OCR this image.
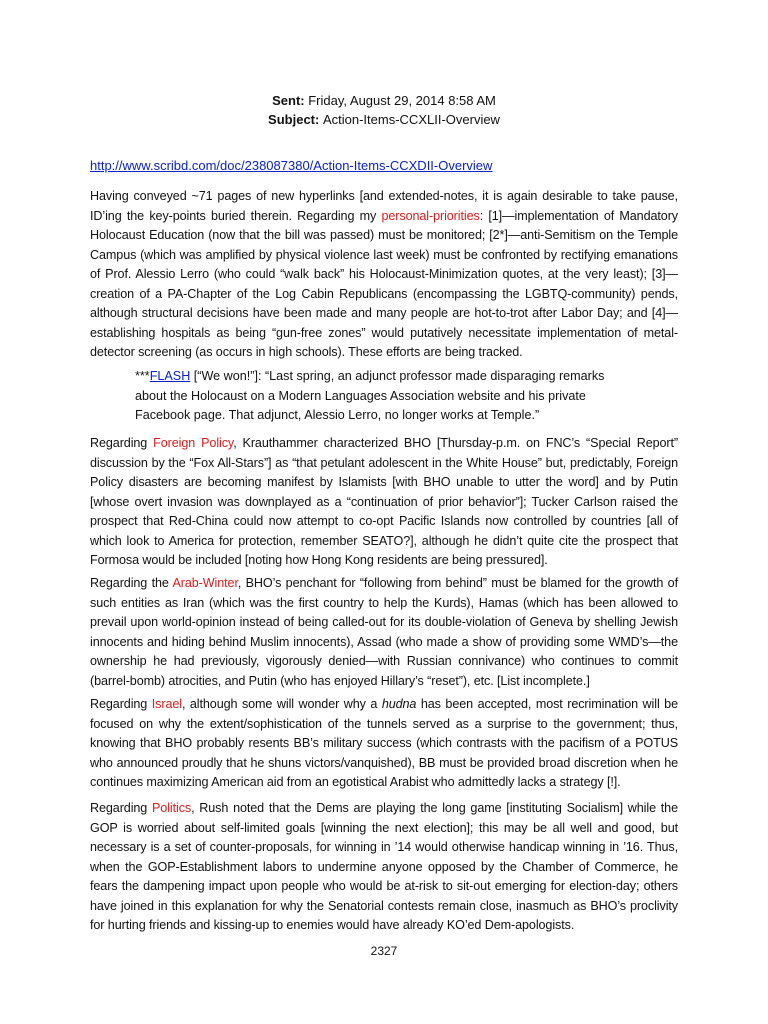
Sent: Friday, August 29, 2014 8:58 AM
Subject: Action-Items-CCXLII-Overview
http://www.scribd.com/doc/238087380/Action-Items-CCXDII-Overview
Having conveyed ~71 pages of new hyperlinks [and extended-notes, it is again desirable to take pause, ID’ing the key-points buried therein. Regarding my personal-priorities: [1]—implementation of Mandatory Holocaust Education (now that the bill was passed) must be monitored; [2*]—anti-Semitism on the Temple Campus (which was amplified by physical violence last week) must be confronted by rectifying emanations of Prof. Alessio Lerro (who could “walk back” his Holocaust-Minimization quotes, at the very least); [3]—creation of a PA-Chapter of the Log Cabin Republicans (encompassing the LGBTQ-community) pends, although structural decisions have been made and many people are hot-to-trot after Labor Day; and [4]—establishing hospitals as being “gun-free zones” would putatively necessitate implementation of metal-detector screening (as occurs in high schools). These efforts are being tracked.
***FLASH [“We won!”]: “Last spring, an adjunct professor made disparaging remarks about the Holocaust on a Modern Languages Association website and his private Facebook page. That adjunct, Alessio Lerro, no longer works at Temple.”
Regarding Foreign Policy, Krauthammer characterized BHO [Thursday-p.m. on FNC’s “Special Report” discussion by the “Fox All-Stars”] as “that petulant adolescent in the White House” but, predictably, Foreign Policy disasters are becoming manifest by Islamists [with BHO unable to utter the word] and by Putin [whose overt invasion was downplayed as a “continuation of prior behavior”]; Tucker Carlson raised the prospect that Red-China could now attempt to co-opt Pacific Islands now controlled by countries [all of which look to America for protection, remember SEATO?], although he didn’t quite cite the prospect that Formosa would be included [noting how Hong Kong residents are being pressured].
Regarding the Arab-Winter, BHO’s penchant for “following from behind” must be blamed for the growth of such entities as Iran (which was the first country to help the Kurds), Hamas (which has been allowed to prevail upon world-opinion instead of being called-out for its double-violation of Geneva by shelling Jewish innocents and hiding behind Muslim innocents), Assad (who made a show of providing some WMD’s—the ownership he had previously, vigorously denied—with Russian connivance) who continues to commit (barrel-bomb) atrocities, and Putin (who has enjoyed Hillary’s “reset”), etc. [List incomplete.]
Regarding Israel, although some will wonder why a hudna has been accepted, most recrimination will be focused on why the extent/sophistication of the tunnels served as a surprise to the government; thus, knowing that BHO probably resents BB’s military success (which contrasts with the pacifism of a POTUS who announced proudly that he shuns victors/vanquished), BB must be provided broad discretion when he continues maximizing American aid from an egotistical Arabist who admittedly lacks a strategy [!].
Regarding Politics, Rush noted that the Dems are playing the long game [instituting Socialism] while the GOP is worried about self-limited goals [winning the next election]; this may be all well and good, but necessary is a set of counter-proposals, for winning in ’14 would otherwise handicap winning in ’16. Thus, when the GOP-Establishment labors to undermine anyone opposed by the Chamber of Commerce, he fears the dampening impact upon people who would be at-risk to sit-out emerging for election-day; others have joined in this explanation for why the Senatorial contests remain close, inasmuch as BHO’s proclivity for hurting friends and kissing-up to enemies would have already KO’ed Dem-apologists.
2327
